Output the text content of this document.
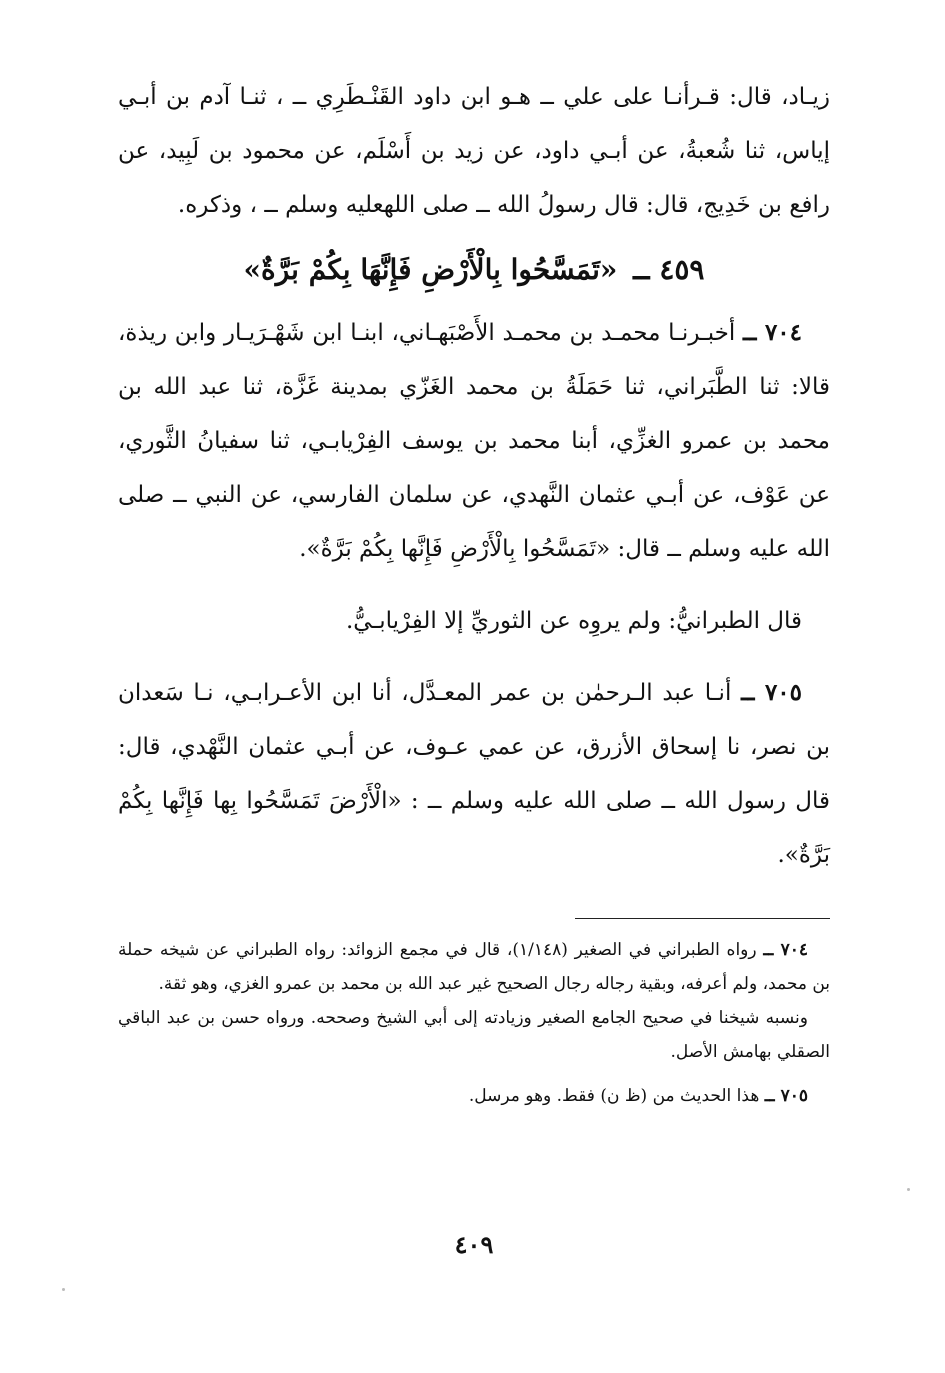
زيـاد، قال: قـرأنـا على علي ــ هـو ابن داود القَنْـطَرِي ــ ، ثنـا آدم بن أبـي إياس، ثنا شُعبةُ، عن أبـي داود، عن زيد بن أَسْلَم، عن محمود بن لَبِيد، عن رافع بن خَدِيج، قال: قال رسولُ الله ــ صلى اللهعليه وسلم ــ ، وذكره.

٤٥٩ ــ «تَمَسَّحُوا بِالْأَرْضِ فَإِنَّهَا بِكُمْ بَرَّةٌ»

٧٠٤ ــ أخبـرنـا محمـد بن محمـد الأَصْبَهـاني، ابنـا ابن شَهْـرَيـار وابن ريذة، قالا: ثنا الطَّبَراني، ثنا حَمَلَةُ بن محمد الغَزّي بمدينة غَزَّة، ثنا عبد الله بن محمد بن عمرو الغزِّي، أبنا محمد بن يوسف الفِرْيابـي، ثنا سفيانُ الثَّوري، عن عَوْف، عن أبـي عثمان النَّهدي، عن سلمان الفارسي، عن النبي ــ صلى الله عليه وسلم ــ قال: «تَمَسَّحُوا بِالْأَرْضِ فَإِنَّها بِكُمْ بَرَّةٌ».

قال الطبرانيُّ: ولم يروِه عن الثوريِّ إلا الفِرْيابـيُّ.

٧٠٥ ــ أنـا عبد الـرحمٰن بن عمر المعـدَّل، أنا ابن الأعـرابـي، نـا سَعدان بن نصر، نا إسحاق الأزرق، عن عمي عـوف، عن أبـي عثمان النَّهْدي، قال: قال رسول الله ــ صلى الله عليه وسلم ــ : «الْأَرْضَ تَمَسَّحُوا بِها فَإِنَّها بِكُمْ بَرَّةٌ».

٧٠٤ ــ رواه الطبراني في الصغير (١/١٤٨)، قال في مجمع الزوائد: رواه الطبراني عن شيخه حملة بن محمد، ولم أعرفه، وبقية رجاله رجال الصحيح غير عبد الله بن محمد بن عمرو الغزي، وهو ثقة.

ونسبه شيخنا في صحيح الجامع الصغير وزيادته إلى أبي الشيخ وصححه. ورواه حسن بن عبد الباقي الصقلي بهامش الأصل.

٧٠٥ ــ هذا الحديث من (ظ ن) فقط. وهو مرسل.

٤٠٩
